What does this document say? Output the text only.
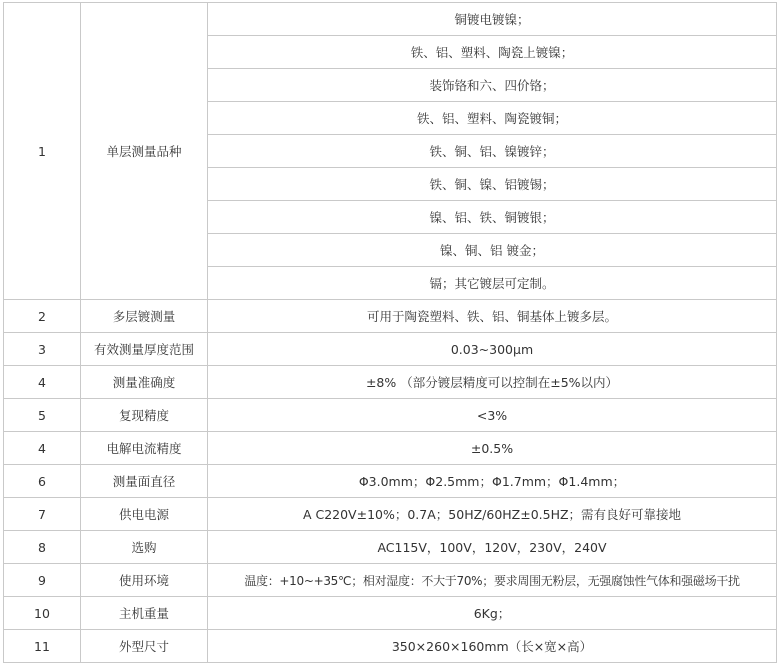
1	单层测量品种	铜镀电镀镍；
		铁、铝、塑料、陶瓷上镀镍；
		装饰铬和六、四价铬；
		铁、铝、塑料、陶瓷镀铜；
		铁、铜、铝、镍镀锌；
		铁、铜、镍、铝镀锡；
		镍、铝、铁、铜镀银；
		镍、铜、铝 镀金；
		镉；其它镀层可定制。
2	多层镀测量	可用于陶瓷塑料、铁、铝、铜基体上镀多层。
3	有效测量厚度范围	0.03~300μm
4	测量准确度	±8% （部分镀层精度可以控制在±5%以内）
5	复现精度	<3%
4	电解电流精度	±0.5%
6	测量面直径	Φ3.0mm；Φ2.5mm；Φ1.7mm；Φ1.4mm；
7	供电电源	A C220V±10%；0.7A；50HZ/60HZ±0.5HZ；需有良好可靠接地
8	选购	AC115V，100V，120V，230V，240V
9	使用环境	温度：+10~+35℃；相对湿度：不大于70%；要求周围无粉层，无强腐蚀性气体和强磁场干扰
10	主机重量	6Kg；
11	外型尺寸	350×260×160mm（长×宽×高）
